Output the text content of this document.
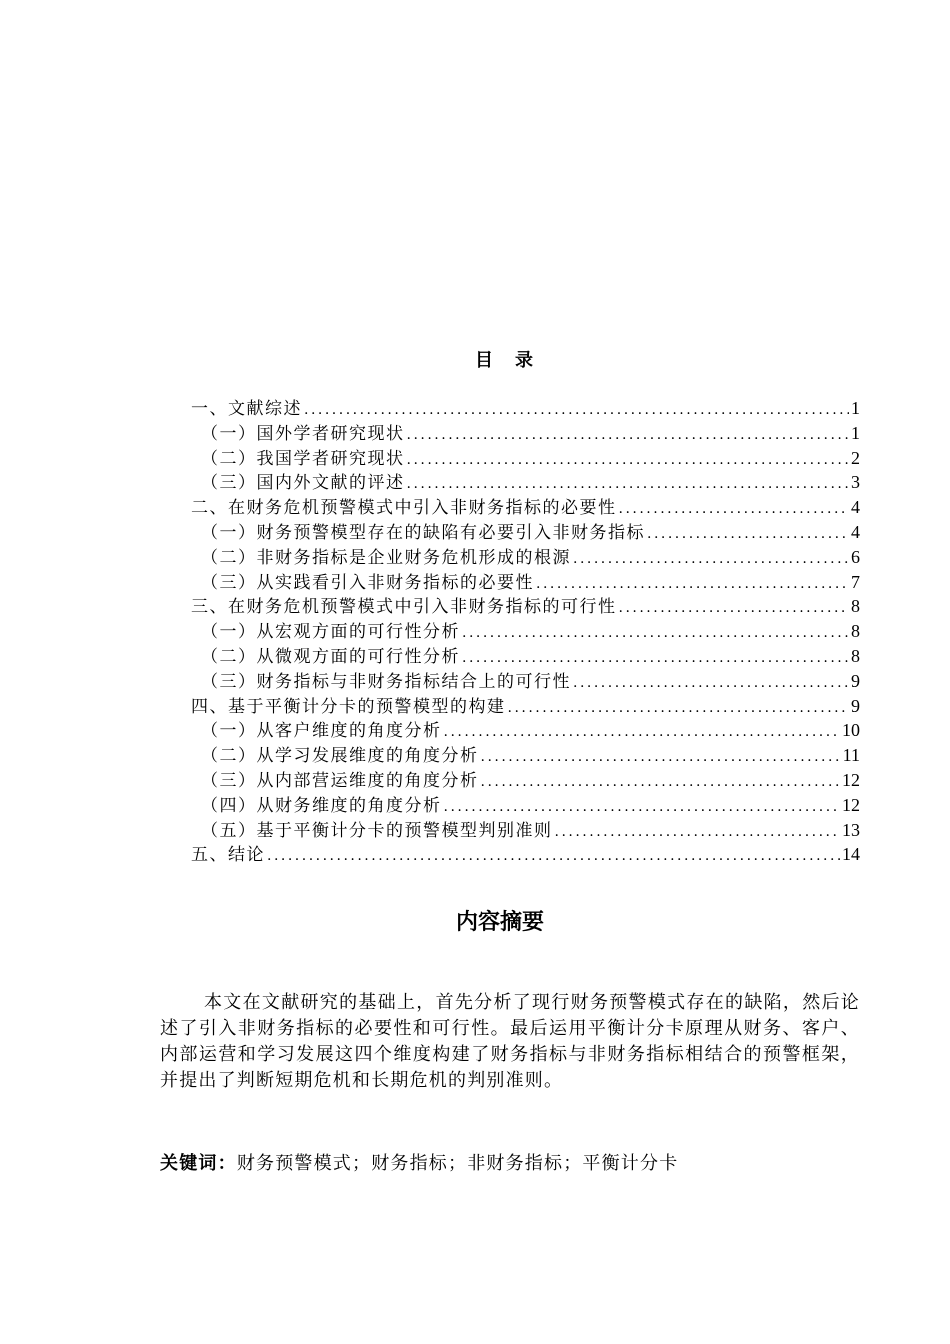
目录
一、文献综述 .....	1
（一）国外学者研究现状 .....	1
（二）我国学者研究现状 .....	2
（三）国内外文献的评述 .....	3
二、在财务危机预警模式中引入非财务指标的必要性 .....	4
（一）财务预警模型存在的缺陷有必要引入非财务指标 .....	4
（二）非财务指标是企业财务危机形成的根源 .....	6
（三）从实践看引入非财务指标的必要性 .....	7
三、在财务危机预警模式中引入非财务指标的可行性 .....	8
（一）从宏观方面的可行性分析 .....	8
（二）从微观方面的可行性分析 .....	8
（三）财务指标与非财务指标结合上的可行性 .....	9
四、基于平衡计分卡的预警模型的构建 .....	9
（一）从客户维度的角度分析 .....	10
（二）从学习发展维度的角度分析 .....	11
（三）从内部营运维度的角度分析 .....	12
（四）从财务维度的角度分析 .....	12
（五）基于平衡计分卡的预警模型判别准则 .....	13
五、结论 .....	14
内容摘要
本文在文献研究的基础上，首先分析了现行财务预警模式存在的缺陷，然后论述了引入非财务指标的必要性和可行性。最后运用平衡计分卡原理从财务、客户、内部运营和学习发展这四个维度构建了财务指标与非财务指标相结合的预警框架，并提出了判断短期危机和长期危机的判别准则。
关键词：财务预警模式；财务指标；非财务指标；平衡计分卡
